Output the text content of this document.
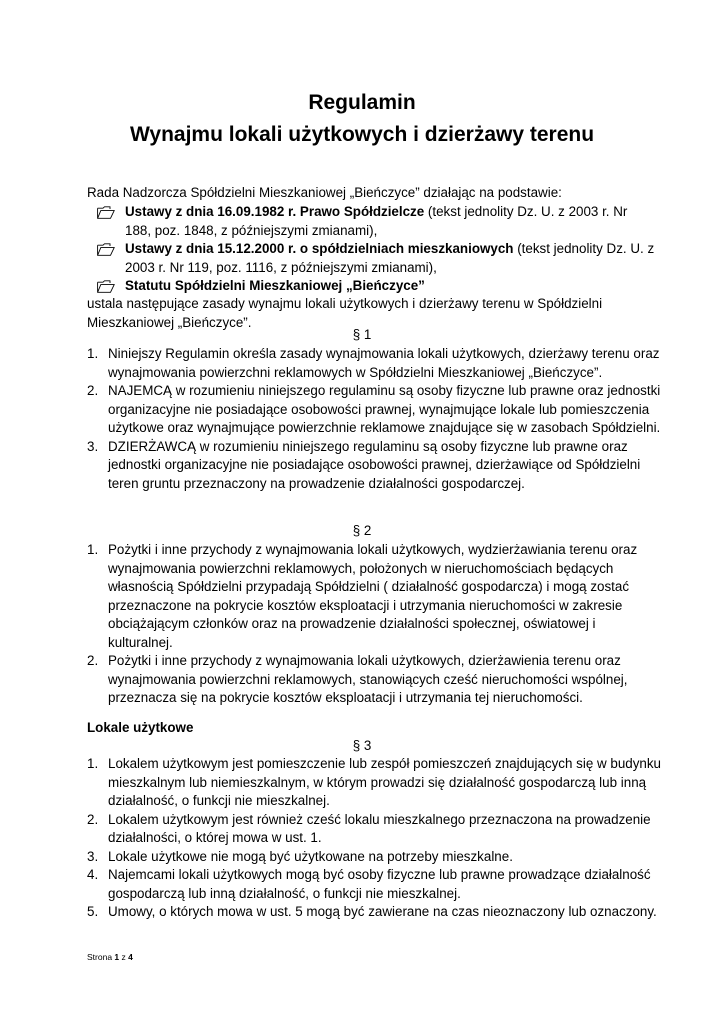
Regulamin
Wynajmu lokali użytkowych i dzierżawy terenu
Rada Nadzorcza Spółdzielni Mieszkaniowej „Bieńczyce” działając na podstawie:
Ustawy z dnia 16.09.1982 r. Prawo Spółdzielcze (tekst jednolity Dz. U. z 2003 r. Nr 188, poz. 1848, z późniejszymi zmianami),
Ustawy z dnia 15.12.2000 r. o spółdzielniach mieszkaniowych (tekst jednolity Dz. U. z 2003 r. Nr 119, poz. 1116, z późniejszymi zmianami),
Statutu Spółdzielni Mieszkaniowej „Bieńczyce”
ustala następujące zasady wynajmu lokali użytkowych i dzierżawy terenu w Spółdzielni Mieszkaniowej „Bieńczyce”.
§ 1
1. Niniejszy Regulamin określa zasady wynajmowania lokali użytkowych, dzierżawy terenu oraz wynajmowania powierzchni reklamowych w Spółdzielni Mieszkaniowej „Bieńczyce”.
2. NAJEMCĄ w rozumieniu niniejszego regulaminu są osoby fizyczne lub prawne oraz jednostki organizacyjne nie posiadające osobowości prawnej, wynajmujące lokale lub pomieszczenia użytkowe oraz wynajmujące powierzchnie reklamowe znajdujące się w zasobach Spółdzielni.
3. DZIERŻAWCĄ w rozumieniu niniejszego regulaminu są osoby fizyczne lub prawne oraz jednostki organizacyjne nie posiadające osobowości prawnej, dzierżawiące od Spółdzielni teren gruntu przeznaczony na prowadzenie działalności gospodarczej.
§ 2
1. Pożytki i inne przychody z wynajmowania lokali użytkowych, wydzierżawiania terenu oraz wynajmowania powierzchni reklamowych, położonych w nieruchomościach będących własnością Spółdzielni przypadają Spółdzielni ( działalność gospodarcza) i mogą zostać przeznaczone na pokrycie kosztów eksploatacji i utrzymania nieruchomości w zakresie obciążającym członków oraz na prowadzenie działalności społecznej, oświatowej i kulturalnej.
2. Pożytki i inne przychody z wynajmowania lokali użytkowych, dzierżawienia terenu oraz wynajmowania powierzchni reklamowych, stanowiących cześć nieruchomości wspólnej, przeznacza się na pokrycie kosztów eksploatacji i utrzymania tej nieruchomości.
Lokale użytkowe
§ 3
1. Lokalem użytkowym jest pomieszczenie lub zespół pomieszczeń znajdujących się w budynku mieszkalnym lub niemieszkalnym, w którym prowadzi się działalność gospodarczą lub inną działalność, o funkcji nie mieszkalnej.
2. Lokalem użytkowym jest również cześć lokalu mieszkalnego przeznaczona na prowadzenie działalności, o której mowa w ust. 1.
3. Lokale użytkowe nie mogą być użytkowane na potrzeby mieszkalne.
4. Najemcami lokali użytkowych mogą być osoby fizyczne lub prawne prowadzące działalność gospodarczą lub inną działalność, o funkcji nie mieszkalnej.
5. Umowy, o których mowa w ust. 5 mogą być zawierane na czas nieoznaczony lub oznaczony.
Strona 1 z 4
